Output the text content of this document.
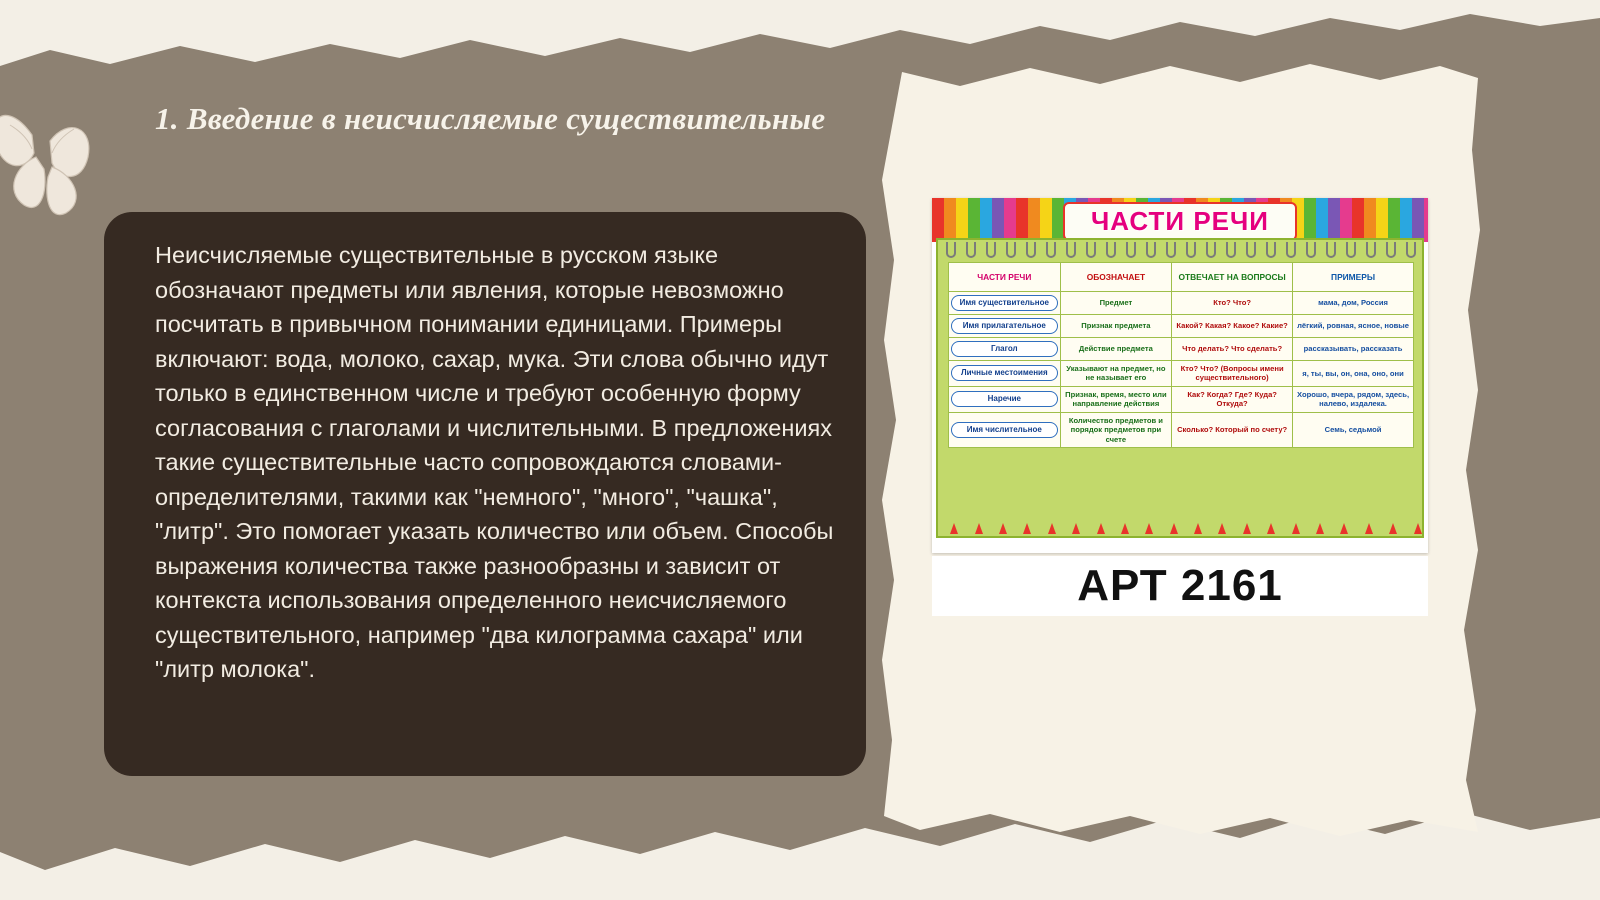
1. Введение в неисчисляемые существительные
Неисчисляемые существительные в русском языке обозначают предметы или явления, которые невозможно посчитать в привычном понимании единицами. Примеры включают: вода, молоко, сахар, мука. Эти слова обычно идут только в единственном числе и требуют особенную форму согласования с глаголами и числительными. В предложениях такие существительные часто сопровождаются словами-определителями, такими как "немного", "много", "чашка", "литр". Это помогает указать количество или объем. Способы выражения количества также разнообразны и зависит от контекста использования определенного неисчисляемого существительного, например "два килограмма сахара" или "литр молока".
ЧАСТИ РЕЧИ
ЧАСТИ РЕЧИ	ОБОЗНАЧАЕТ	ОТВЕЧАЕТ НА ВОПРОСЫ	ПРИМЕРЫ

Имя существительное	Предмет	Кто? Что?	мама, дом, Россия

Имя прилагательное	Признак предмета	Какой? Какая? Какое? Какие?	лёгкий, ровная, ясное, новые

Глагол	Действие предмета	Что делать? Что сделать?	рассказывать, рассказать

Личные местоимения	Указывают на предмет, но не называет его	Кто? Что? (Вопросы имени существительного)	я, ты, вы, он, она, оно, они

Наречие	Признак, время, место или направление действия	Как? Когда? Где? Куда? Откуда?	Хорошо, вчера, рядом, здесь, налево, издалека.

Имя числительное	Количество предметов и порядок предметов при счете	Сколько? Который по счету?	Семь, седьмой
АРТ 2161
